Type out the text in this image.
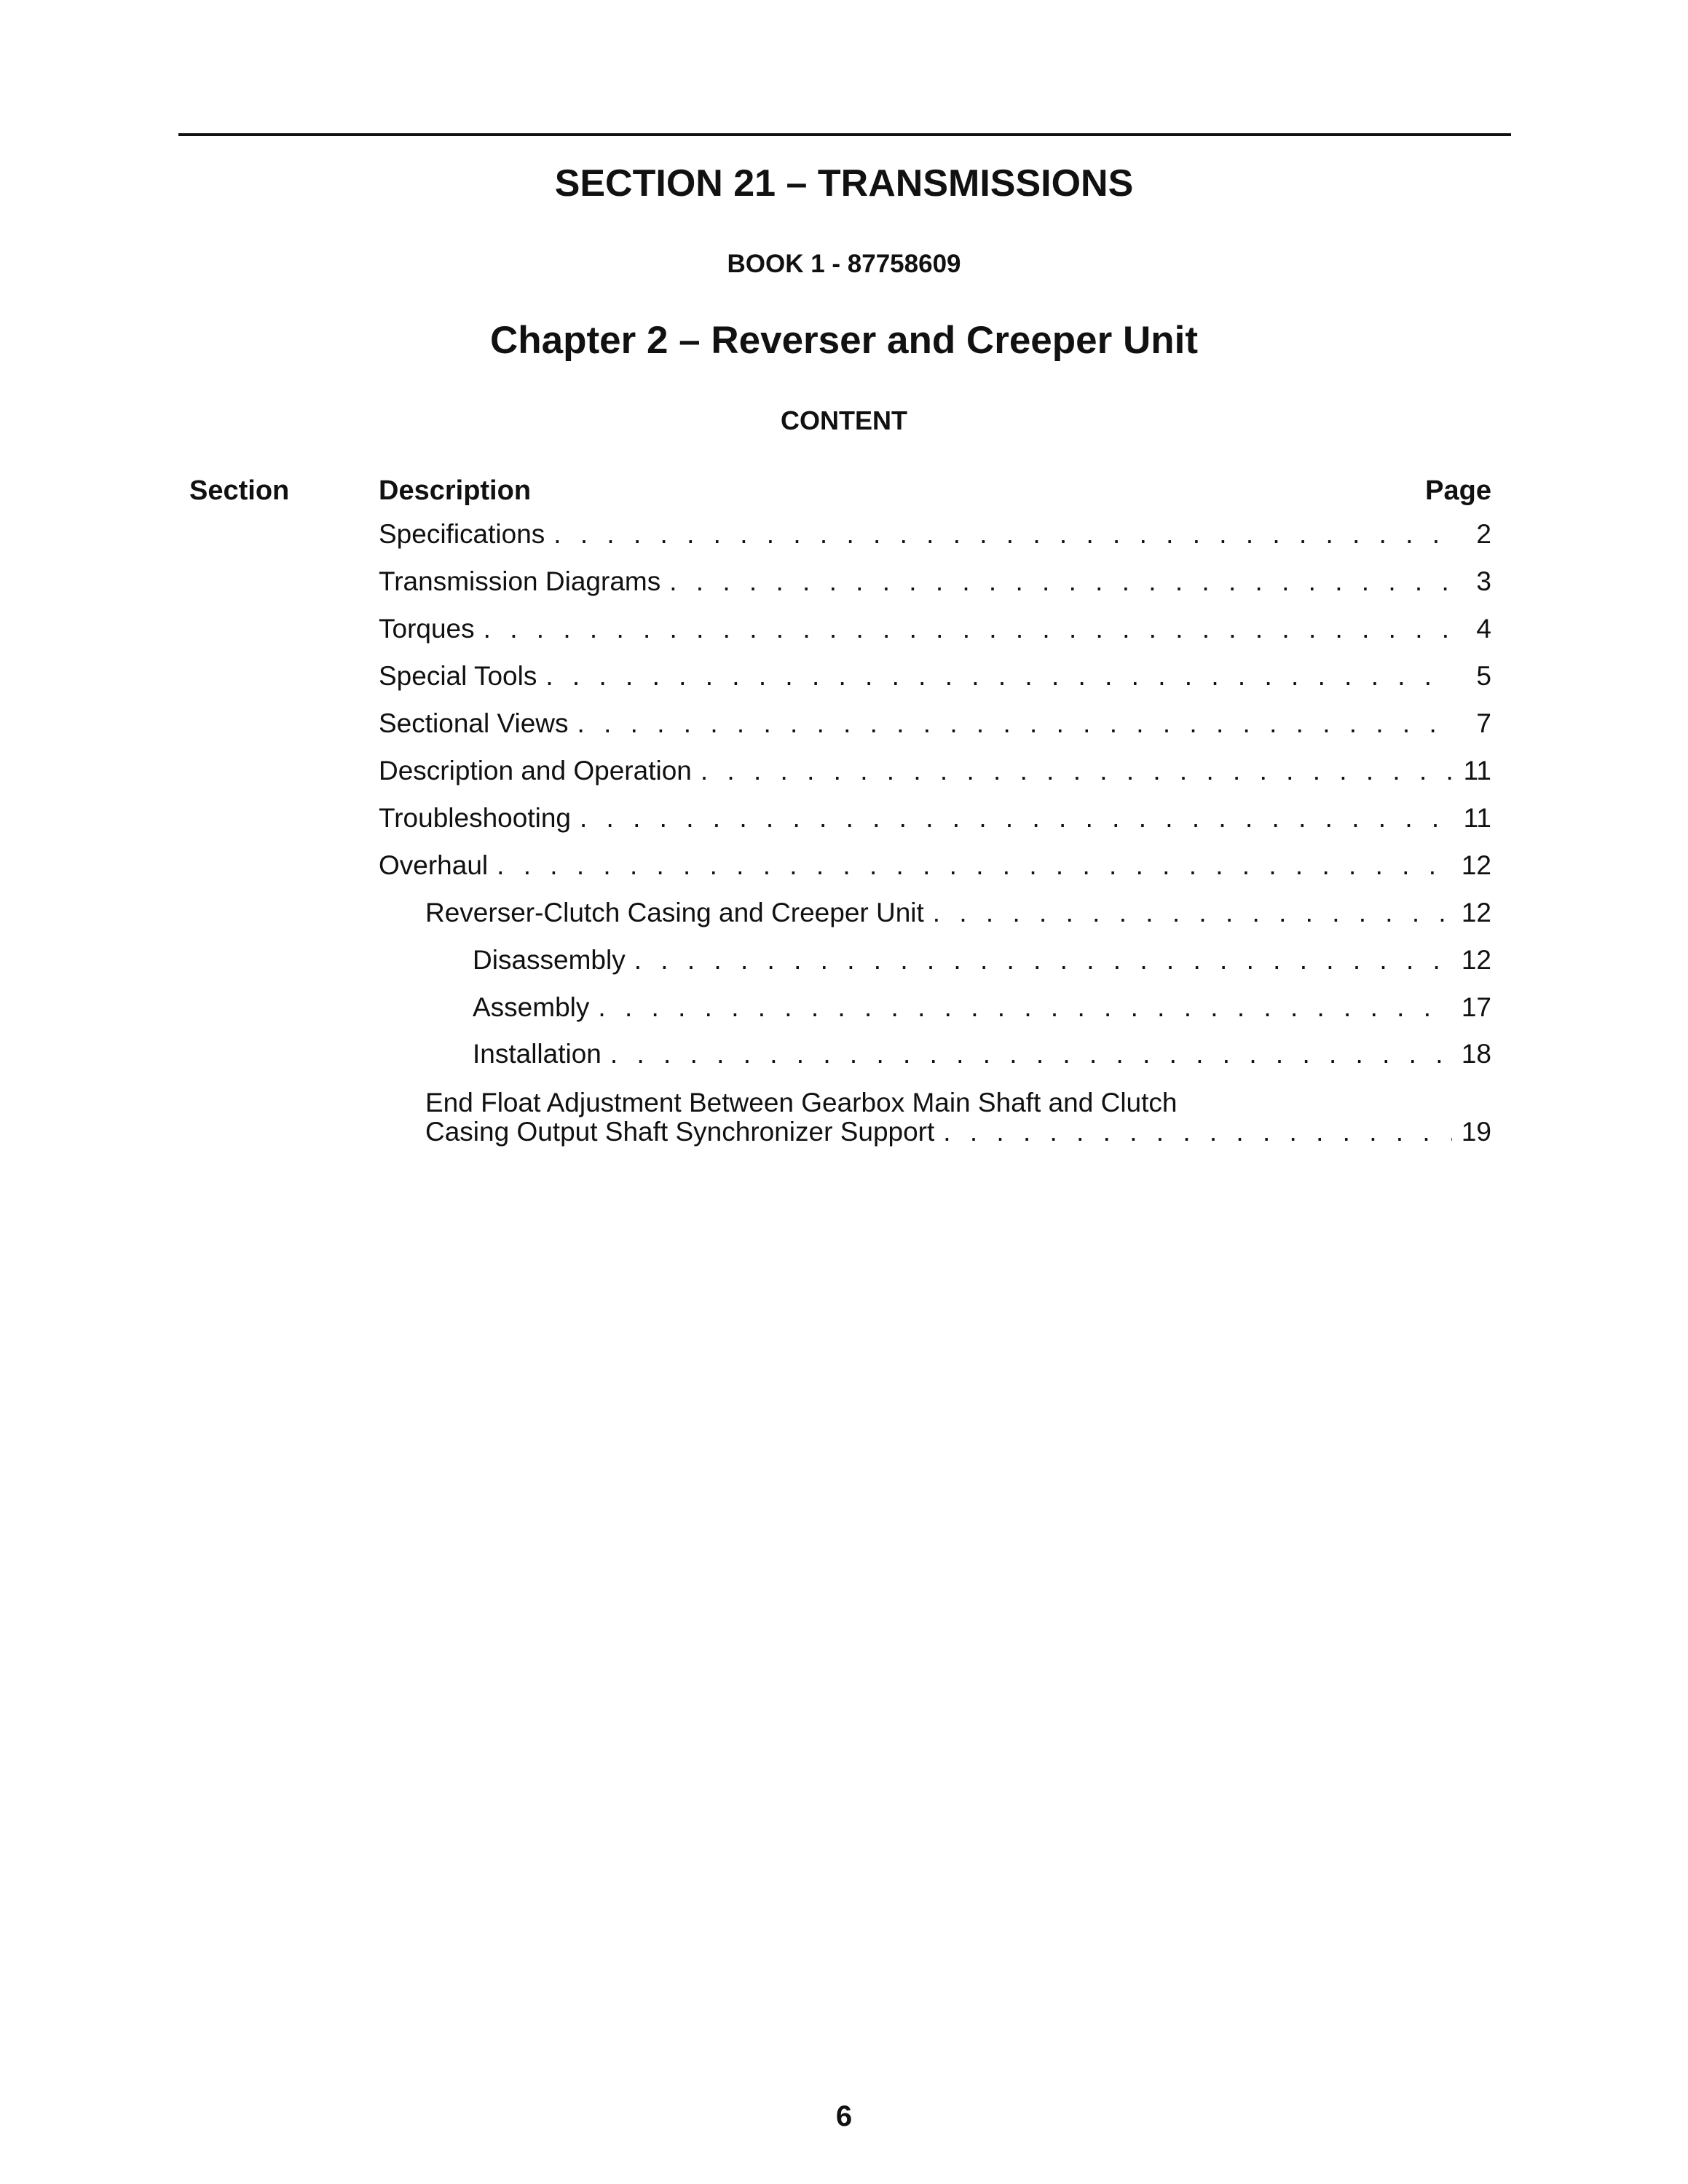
SECTION 21 – TRANSMISSIONS
BOOK 1 - 87758609
Chapter 2 – Reverser and Creeper Unit
CONTENT
Section	Description	Page
Specifications . . .	2
Transmission Diagrams . . .	3
Torques . . .	4
Special Tools . . .	5
Sectional Views . . .	7
Description and Operation . . .	11
Troubleshooting . . .	11
Overhaul . . .	12
Reverser-Clutch Casing and Creeper Unit . . .	12
Disassembly . . .	12
Assembly . . .	17
Installation . . .	18
End Float Adjustment Between Gearbox Main Shaft and Clutch
Casing Output Shaft Synchronizer Support . . .	19
6
